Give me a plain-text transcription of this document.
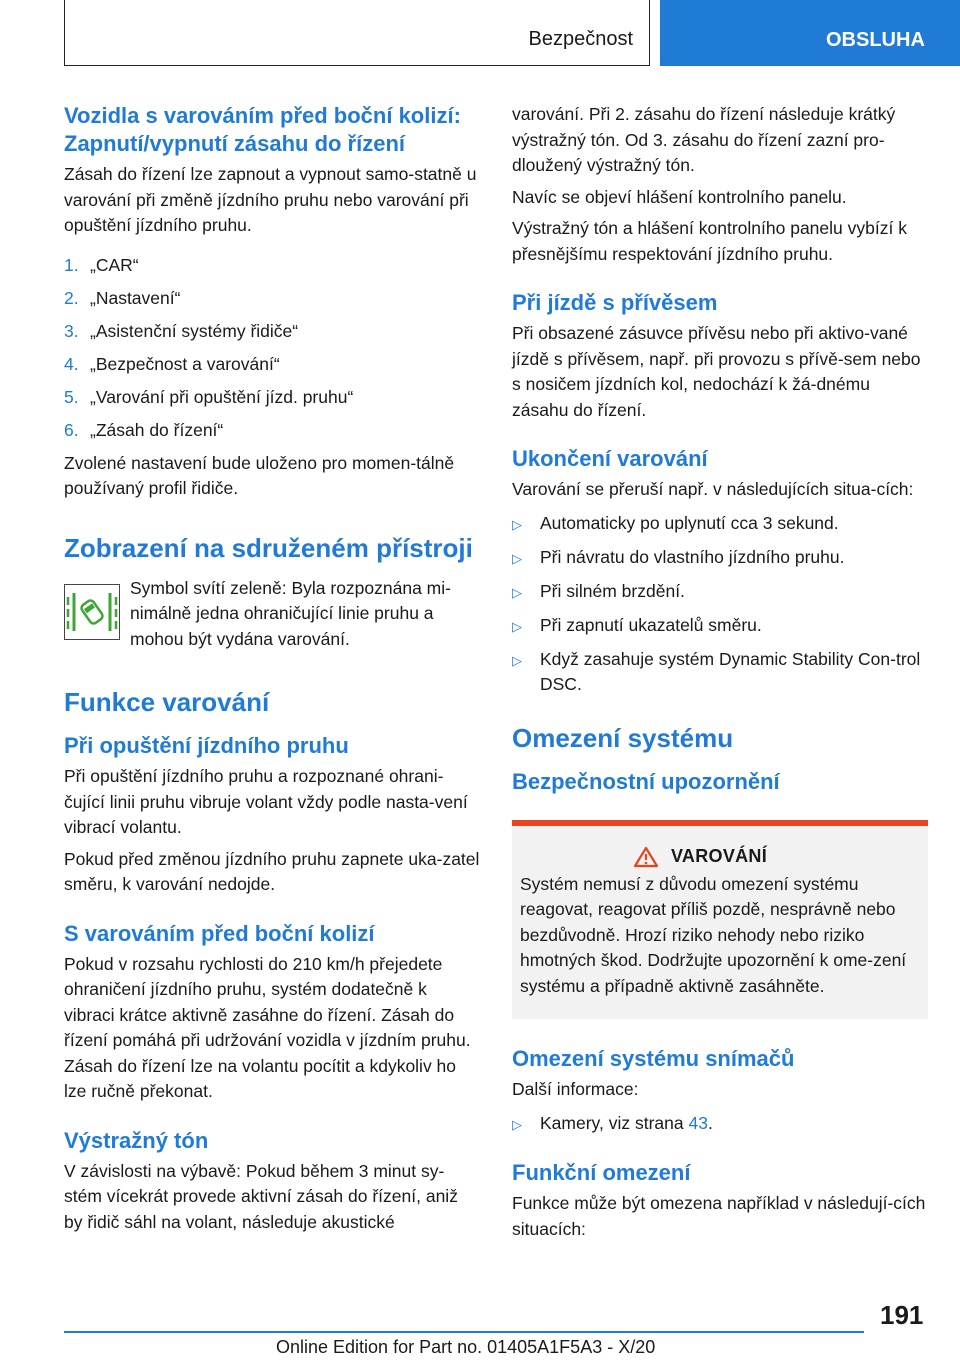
Bezpečnost	OBSLUHA
Vozidla s varováním před boční kolizí: Zapnutí/vypnutí zásahu do řízení

Zásah do řízení lze zapnout a vypnout samo-statně u varování při změně jízdního pruhu nebo varování při opuštění jízdního pruhu.

1. „CAR“
2. „Nastavení“
3. „Asistenční systémy řidiče“
4. „Bezpečnost a varování“
5. „Varování při opuštění jízd. pruhu“
6. „Zásah do řízení“

Zvolené nastavení bude uloženo pro momen-tálně používaný profil řidiče.

Zobrazení na sdruženém přístroji

Symbol svítí zeleně: Byla rozpoznána mi-nimálně jedna ohraničující linie pruhu a mohou být vydána varování.

Funkce varování
Při opuštění jízdního pruhu

Při opuštění jízdního pruhu a rozpoznané ohrani-čující linii pruhu vibruje volant vždy podle nasta-vení vibrací volantu.

Pokud před změnou jízdního pruhu zapnete uka-zatel směru, k varování nedojde.

S varováním před boční kolizí

Pokud v rozsahu rychlosti do 210 km/h přejedete ohraničení jízdního pruhu, systém dodatečně k vibraci krátce aktivně zasáhne do řízení. Zásah do řízení pomáhá při udržování vozidla v jízdním pruhu. Zásah do řízení lze na volantu pocítit a kdykoliv ho lze ručně překonat.

Výstražný tón

V závislosti na výbavě: Pokud během 3 minut sy-stém vícekrát provede aktivní zásah do řízení, aniž by řidič sáhl na volant, následuje akustické

varování. Při 2. zásahu do řízení následuje krátký výstražný tón. Od 3. zásahu do řízení zazní pro-dloužený výstražný tón.

Navíc se objeví hlášení kontrolního panelu.

Výstražný tón a hlášení kontrolního panelu vybízí k přesnějšímu respektování jízdního pruhu.

Při jízdě s přívěsem

Při obsazené zásuvce přívěsu nebo při aktivo-vané jízdě s přívěsem, např. při provozu s přívě-sem nebo s nosičem jízdních kol, nedochází k žá-dnému zásahu do řízení.

Ukončení varování

Varování se přeruší např. v následujících situa-cích:

▷	Automaticky po uplynutí cca 3 sekund.
▷	Při návratu do vlastního jízdního pruhu.
▷	Při silném brzdění.
▷	Při zapnutí ukazatelů směru.
▷	Když zasahuje systém Dynamic Stability Con-trol DSC.
Omezení systému
Bezpečnostní upozornění
VAROVÁNÍ

Systém nemusí z důvodu omezení systému reagovat, reagovat příliš pozdě, nesprávně nebo bezdůvodně. Hrozí riziko nehody nebo riziko hmotných škod. Dodržujte upozornění k ome-zení systému a případně aktivně zasáhněte.

Omezení systému snímačů

Další informace:

▷	Kamery, viz strana 43.
Funkční omezení

Funkce může být omezena například v následují-cích situacích:

191
Online Edition for Part no. 01405A1F5A3 - X/20
